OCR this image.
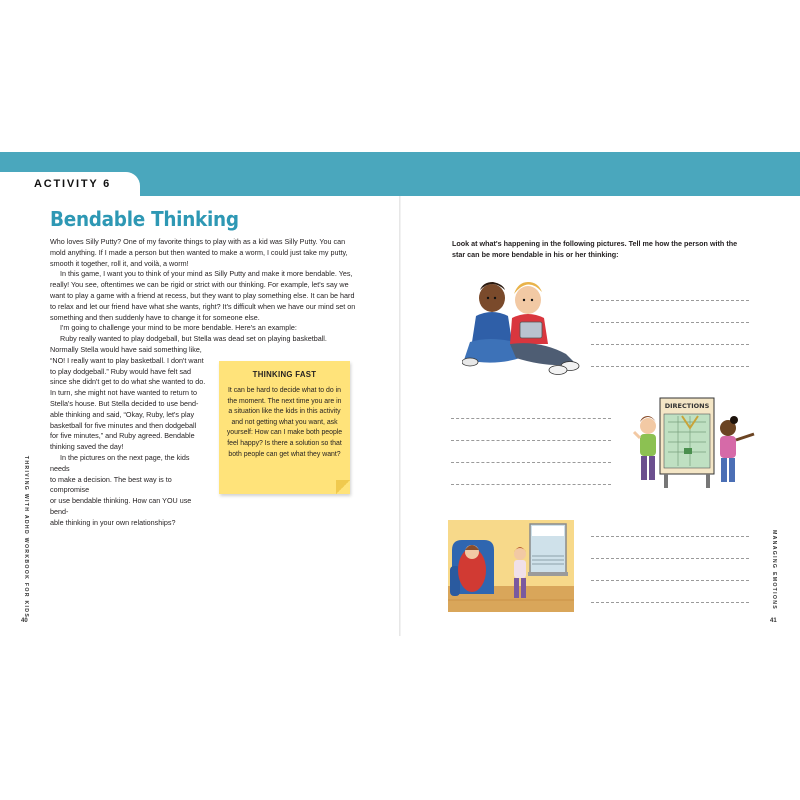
ACTIVITY 6
Bendable Thinking

Who loves Silly Putty? One of my favorite things to play with as a kid was Silly Putty. You can mold anything. If I made a person but then wanted to make a worm, I could just take my putty, smooth it together, roll it, and voilà, a worm!

In this game, I want you to think of your mind as Silly Putty and make it more bendable. Yes, really! You see, oftentimes we can be rigid or strict with our thinking. For example, let's say we want to play a game with a friend at recess, but they want to play something else. It can be hard to relax and let our friend have what she wants, right? It's difficult when we have our mind set on something and then suddenly have to change it for someone else.

I'm going to challenge your mind to be more bendable. Here's an example:

Ruby really wanted to play dodgeball, but Stella was dead set on playing basketball.

Normally Stella would have said something like,

“NO! I really want to play basketball. I don't want

to play dodgeball.” Ruby would have felt sad

since she didn't get to do what she wanted to do.

In turn, she might not have wanted to return to

Stella's house. But Stella decided to use bend-

able thinking and said, “Okay, Ruby, let's play

basketball for five minutes and then dodgeball

for five minutes,” and Ruby agreed. Bendable

thinking saved the day!

In the pictures on the next page, the kids needs

to make a decision. The best way is to compromise

or use bendable thinking. How can YOU use bend-

able thinking in your own relationships?

THINKING FAST
It can be hard to decide what to do in the moment. The next time you are in a situation like the kids in this activity and not getting what you want, ask yourself: How can I make both people feel happy? Is there a solution so that both people can get what they want?
THRIVING WITH ADHD WORKBOOK FOR KIDS
40
MANAGING EMOTIONS
41
Look at what's happening in the following pictures. Tell me how the person with the star can be more bendable in his or her thinking:
DIRECTIONS
